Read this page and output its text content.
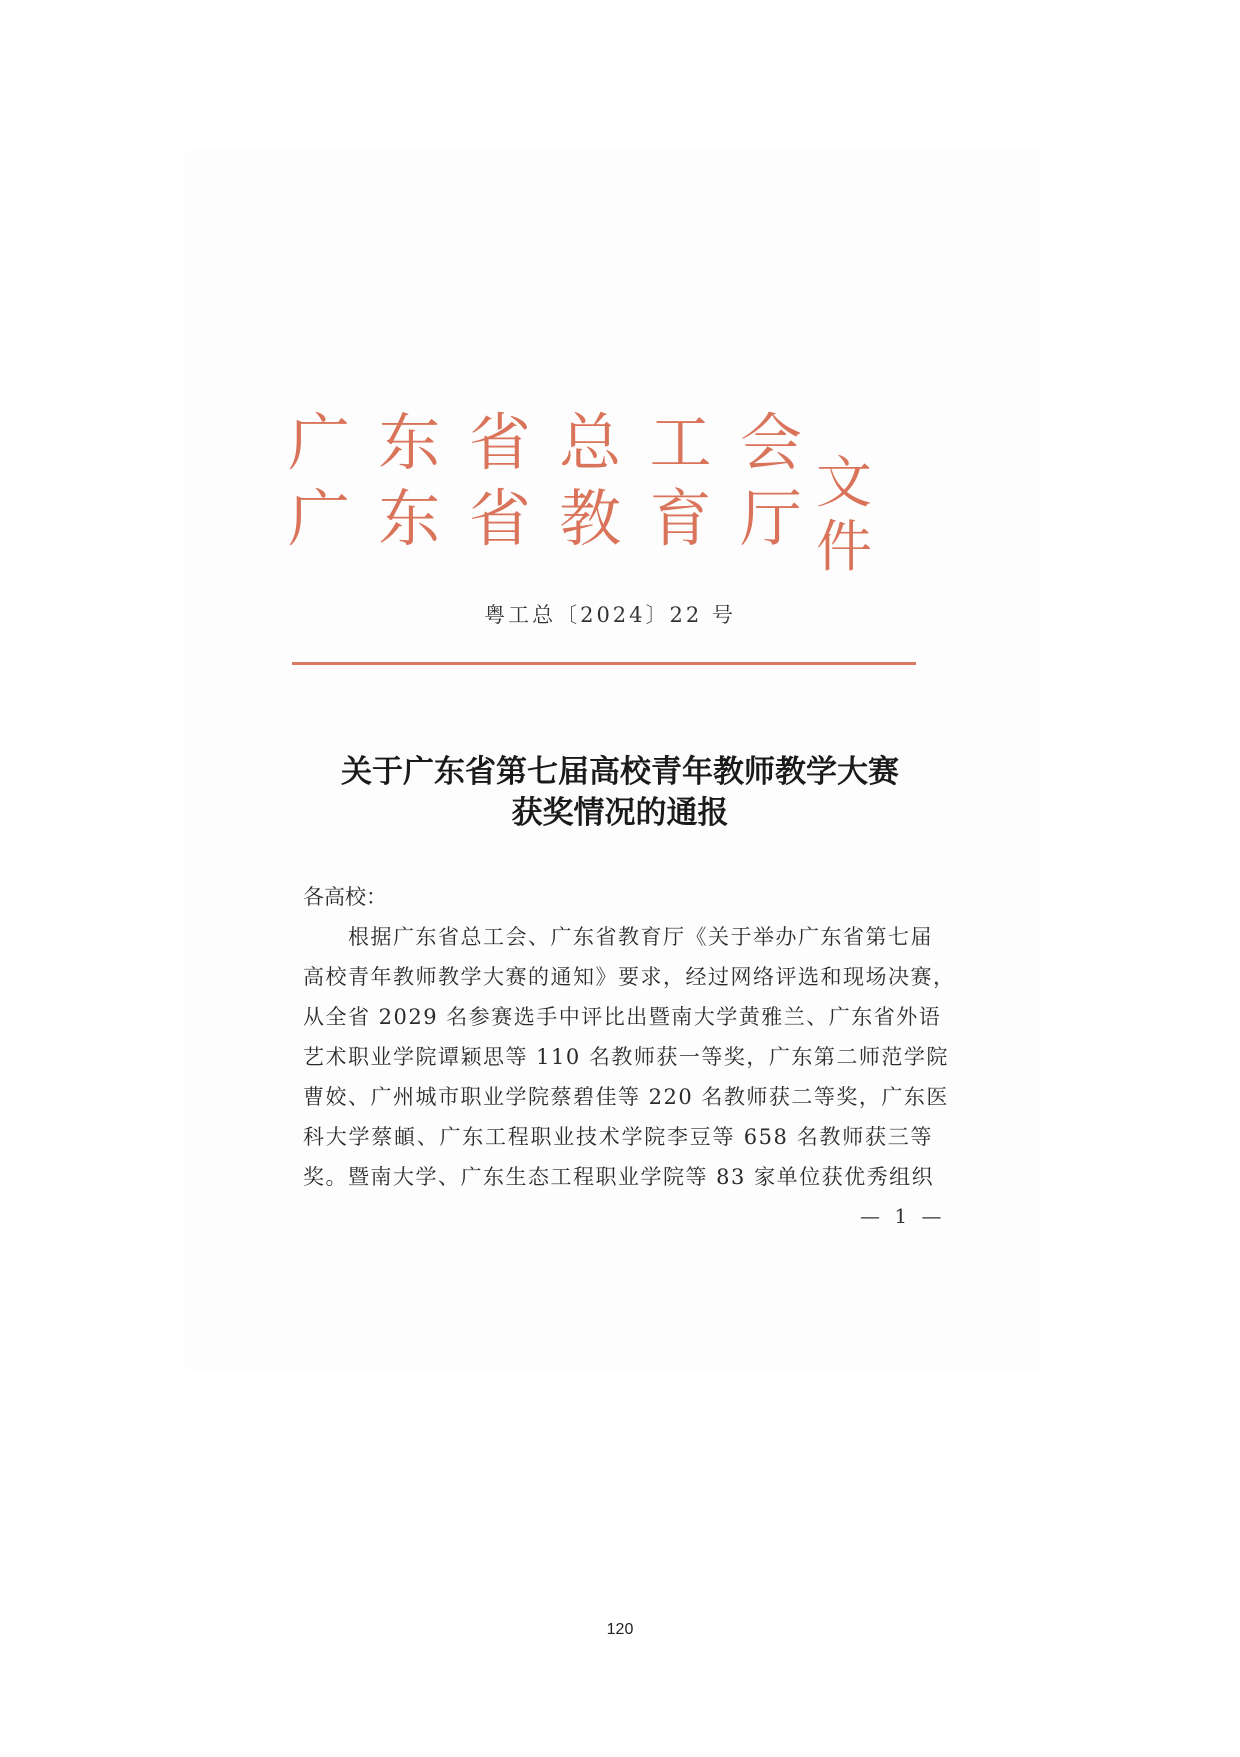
广 东 省 总 工 会
广 东 省 教 育 厅 文件
粤工总〔2024〕22 号
关于广东省第七届高校青年教师教学大赛
获奖情况的通报
各高校：
根据广东省总工会、广东省教育厅《关于举办广东省第七届
高校青年教师教学大赛的通知》要求，经过网络评选和现场决赛，
从全省 2029 名参赛选手中评比出暨南大学黄雅兰、广东省外语
艺术职业学院谭颖思等 110 名教师获一等奖，广东第二师范学院
曹姣、广州城市职业学院蔡碧佳等 220 名教师获二等奖，广东医
科大学蔡頔、广东工程职业技术学院李豆等 658 名教师获三等
奖。暨南大学、广东生态工程职业学院等 83 家单位获优秀组织
— 1 —
120
